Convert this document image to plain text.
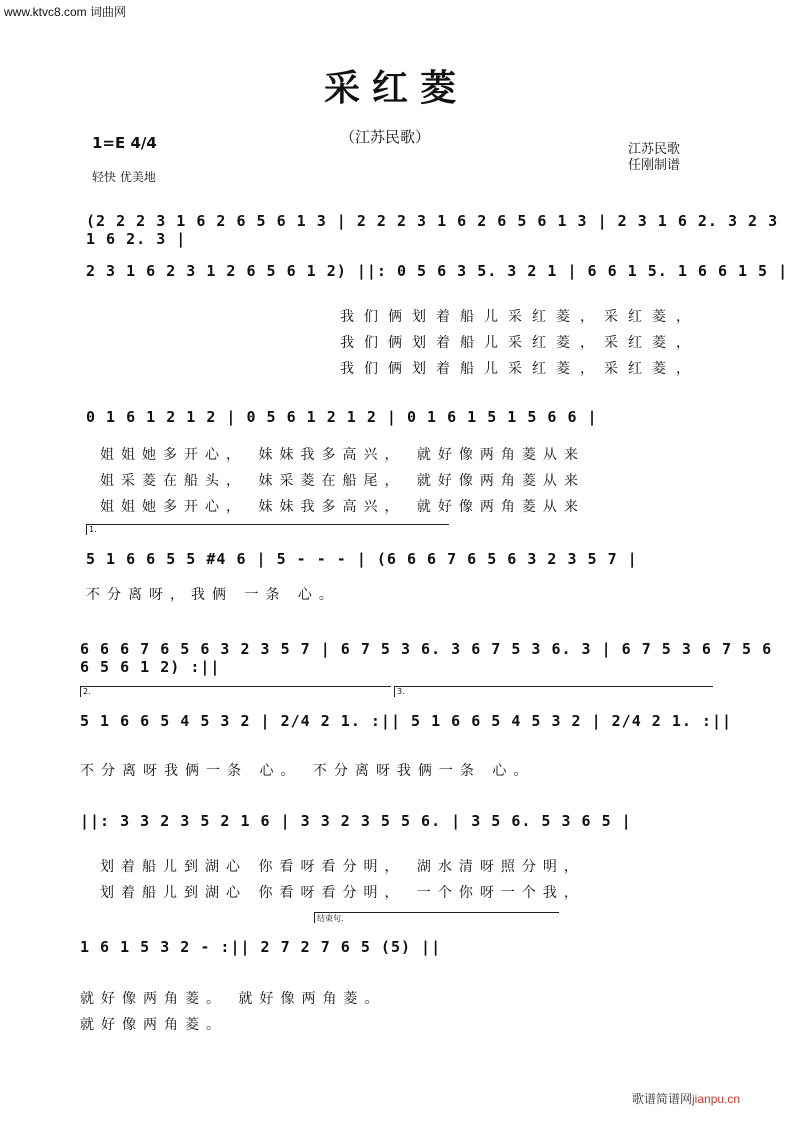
www.ktvc8.com 词曲网
采红菱
（江苏民歌）
江苏民歌
任刚制谱
1=E 4/4
轻快 优美地
(2 2 2 3 1 6 2 6 5 6 1 3 | 2 2 2 3 1 6 2 6 5 6 1 3 | 2 3 1 6 2. 3 2 3 1 6 2. 3 |
2 3 1 6 2 3 1 2 6 5 6 1 2) ||: 0 5 6 3 5. 3 2 1 | 6 6 1 5. 1 6 6 1 5 |
我们俩划着船儿采红菱，采红菱，
我们俩划着船儿采红菱，采红菱，
我们俩划着船儿采红菱，采红菱，
0 1 6 1 2 1 2 | 0 5 6 1 2 1 2 | 0 1 6 1 5 1 5 6 6 |
姐姐她多开心， 妹妹我多高兴， 就好像两角菱从来
姐采菱在船头， 妹采菱在船尾， 就好像两角菱从来
姐姐她多开心， 妹妹我多高兴， 就好像两角菱从来
1.
5 1 6 6 5 5 #4 6 | 5 - - - | (6 6 6 7 6 5 6 3 2 3 5 7 |
不分离呀，我俩 一条 心。
6 6 6 7 6 5 6 3 2 3 5 7 | 6 7 5 3 6. 3 6 7 5 3 6. 3 | 6 7 5 3 6 7 5 6 6 5 6 1 2) :||
2.	3.
5 1 6 6 5 4 5 3 2 | 2/4 2 1. :|| 5 1 6 6 5 4 5 3 2 | 2/4 2 1. :||
不分离呀我俩一条 心。 不分离呀我俩一条 心。
||: 3 3 2 3 5 2 1 6 | 3 3 2 3 5 5 6. | 3 5 6. 5 3 6 5 |
划着船儿到湖心 你看呀看分明， 湖水清呀照分明，
划着船儿到湖心 你看呀看分明， 一个你呀一个我，
结束句.
1 6 1 5 3 2 - :|| 2 7 2 7 6 5 (5) ||
就好像两角菱。 就好像两角菱。
就好像两角菱。
歌谱简谱网jianpu.cn
